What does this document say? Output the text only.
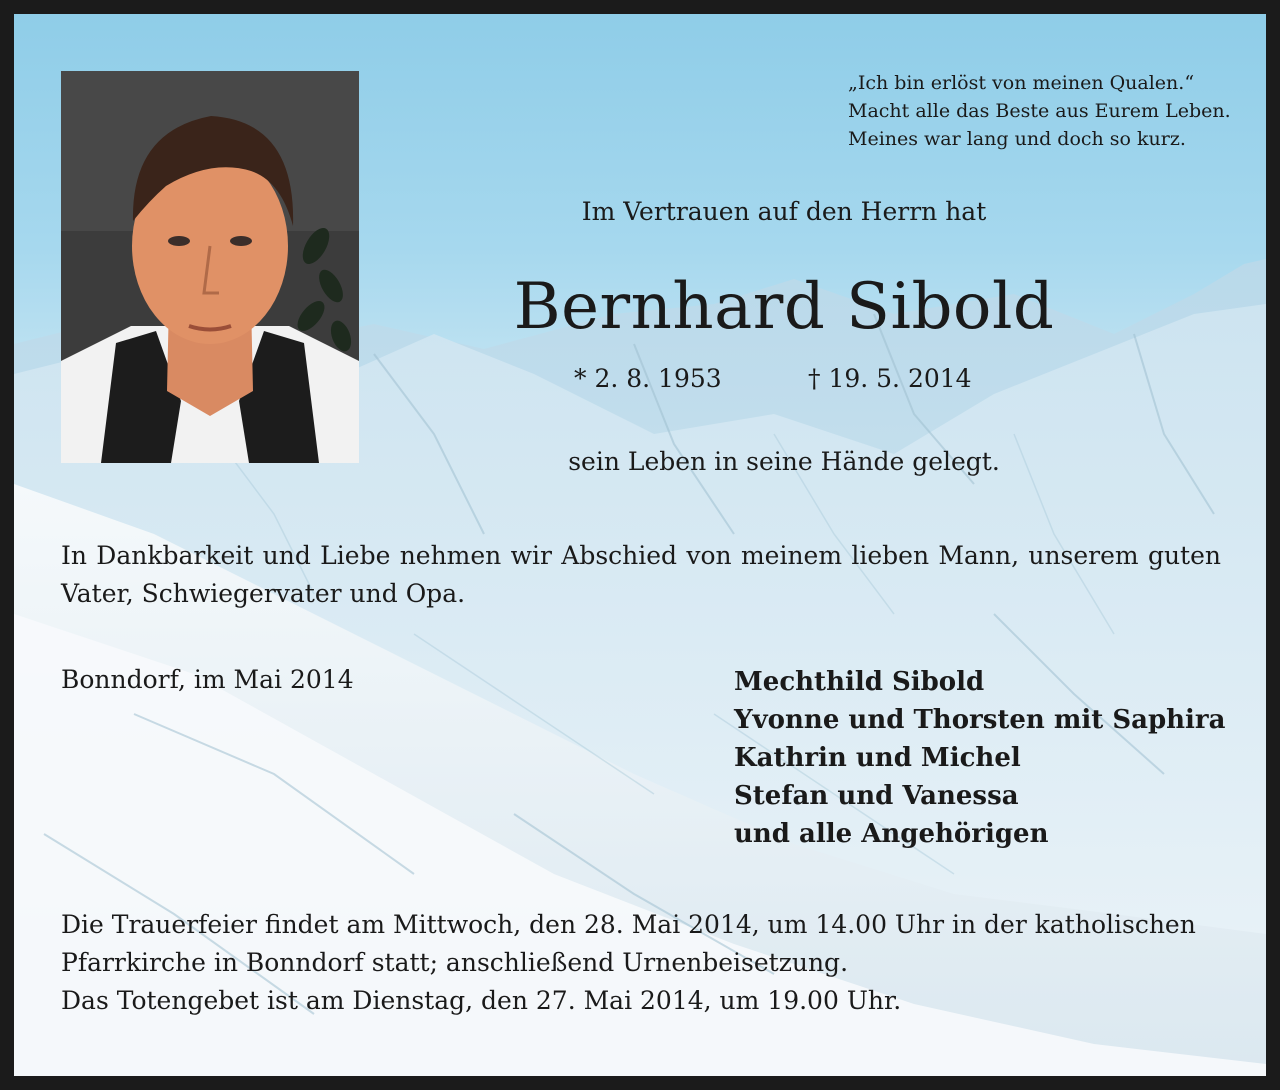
„Ich bin erlöst von meinen Qualen.“
Macht alle das Beste aus Eurem Leben.
Meines war lang und doch so kurz.
Im Vertrauen auf den Herrn hat
Bernhard Sibold
* 2. 8. 1953	† 19. 5. 2014
sein Leben in seine Hände gelegt.
In Dankbarkeit und Liebe nehmen wir Abschied von meinem lieben Mann, unserem guten Vater, Schwiegervater und Opa.
Bonndorf, im Mai 2014	Mechthild Sibold
Yvonne und Thorsten mit Saphira
Kathrin und Michel
Stefan und Vanessa
und alle Angehörigen
Die Trauerfeier findet am Mittwoch, den 28. Mai 2014, um 14.00 Uhr in der katholischen
Pfarrkirche in Bonndorf statt; anschließend Urnenbeisetzung.
Das Totengebet ist am Dienstag, den 27. Mai 2014, um 19.00 Uhr.
